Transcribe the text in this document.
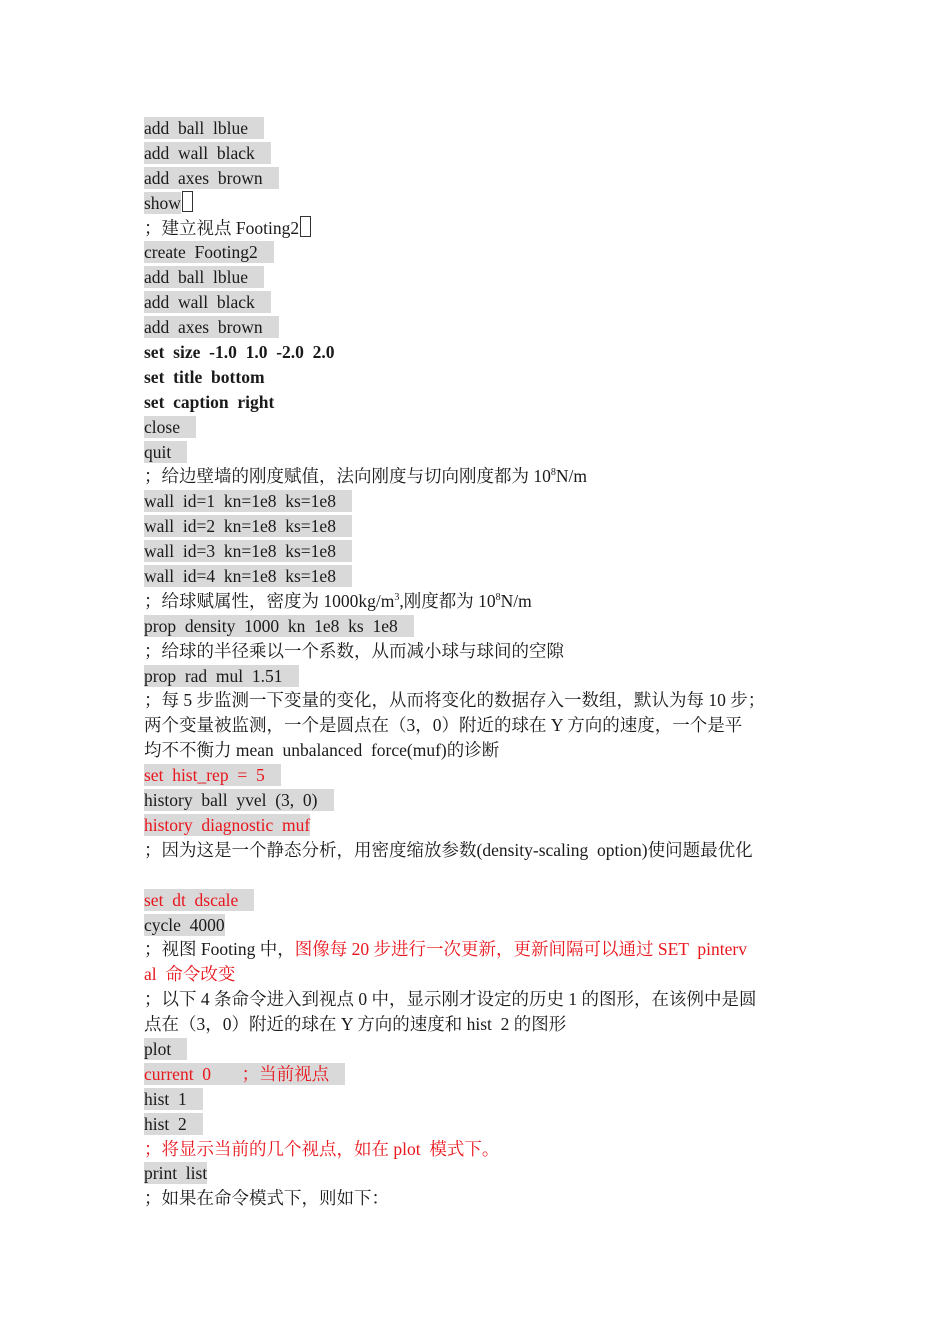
add  ball  lblue
add  wall  black
add  axes  brown
show
；建立视点 Footing2
create  Footing2
add  ball  lblue
add  wall  black
add  axes  brown
set  size  -1.0  1.0  -2.0  2.0
set  title  bottom
set  caption  right
close
quit
；给边壁墙的刚度赋值，法向刚度与切向刚度都为 $10^8N/m$
wall  id=1  kn=1e8  ks=1e8
wall  id=2  kn=1e8  ks=1e8
wall  id=3  kn=1e8  ks=1e8
wall  id=4  kn=1e8  ks=1e8
；给球赋属性，密度为 $1000kg/m^3$,刚度都为 $10^8N/m$
prop  density  1000  kn  1e8  ks  1e8
；给球的半径乘以一个系数，从而减小球与球间的空隙
prop  rad  mul  1.51
；每 5 步监测一下变量的变化，从而将变化的数据存入一数组，默认为每 10 步；
两个变量被监测，一个是圆点在（3，0）附近的球在 Y 方向的速度，一个是平
均不不衡力 mean  unbalanced  force(muf)的诊断
set  hist_rep  =  5
history  ball  yvel  (3,  0)
history  diagnostic  muf
；因为这是一个静态分析，用密度缩放参数(density-scaling  option)使问题最优化
set  dt  dscale
cycle  4000
；视图 Footing 中，图像每 20 步进行一次更新，更新间隔可以通过 SET  pinterv
al  命令改变
；以下 4 条命令进入到视点 0 中，显示刚才设定的历史 1 的图形，在该例中是圆
点在（3，0）附近的球在 Y 方向的速度和 hist  2 的图形
plot
current  0       ；当前视点
hist  1
hist  2
；将显示当前的几个视点，如在 plot  模式下。
print  list
；如果在命令模式下，则如下：
